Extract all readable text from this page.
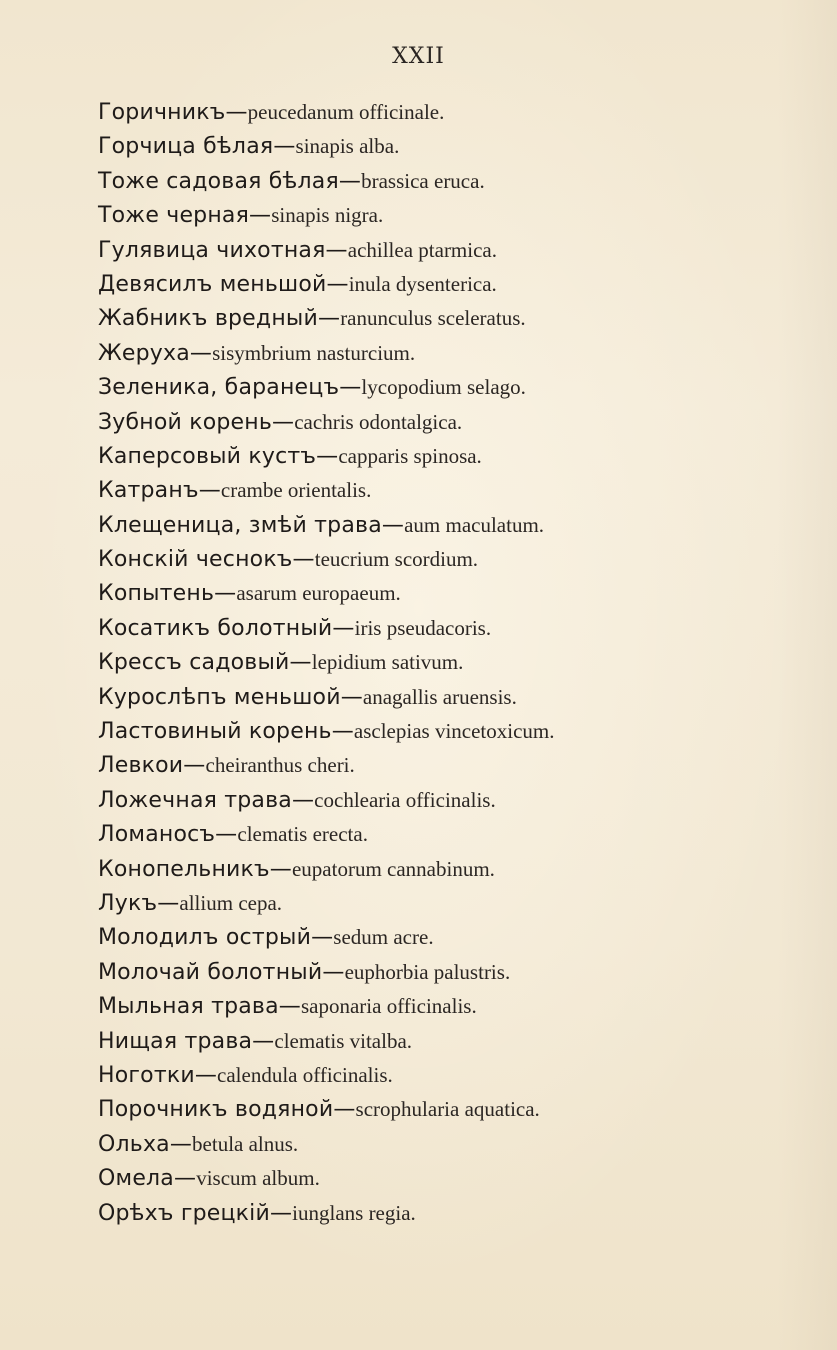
XXII
Горичникъ—peucedanum officinale.
Горчица бѣлая—sinapis alba.
Тоже садовая бѣлая—brassica eruca.
Тоже черная—sinapis nigra.
Гулявица чихотная—achillea ptarmica.
Девясилъ меньшой—inula dysenterica.
Жабникъ вредный—ranunculus sceleratus.
Жеруха—sisymbrium nasturcium.
Зеленика, баранецъ—lycopodium selago.
Зубной корень—cachris odontalgica.
Каперсовый кустъ—capparis spinosa.
Катранъ—crambe orientalis.
Клещеница, змѣй трава—aum maculatum.
Конскій чеснокъ—teucrium scordium.
Копытень—asarum europaeum.
Косатикъ болотный—iris pseudacoris.
Крессъ садовый—lepidium sativum.
Курослѣпъ меньшой—anagallis aruensis.
Ластовиный корень—asclepias vincetoxicum.
Левкои—cheiranthus cheri.
Ложечная трава—cochlearia officinalis.
Ломаносъ—clematis erecta.
Конопельникъ—eupatorum cannabinum.
Лукъ—allium cepa.
Молодилъ острый—sedum acre.
Молочай болотный—euphorbia palustris.
Мыльная трава—saponaria officinalis.
Нищая трава—clematis vitalba.
Ноготки—calendula officinalis.
Порочникъ водяной—scrophularia aquatica.
Ольха—betula alnus.
Омела—viscum album.
Орѣхъ грецкій—iunglans regia.
